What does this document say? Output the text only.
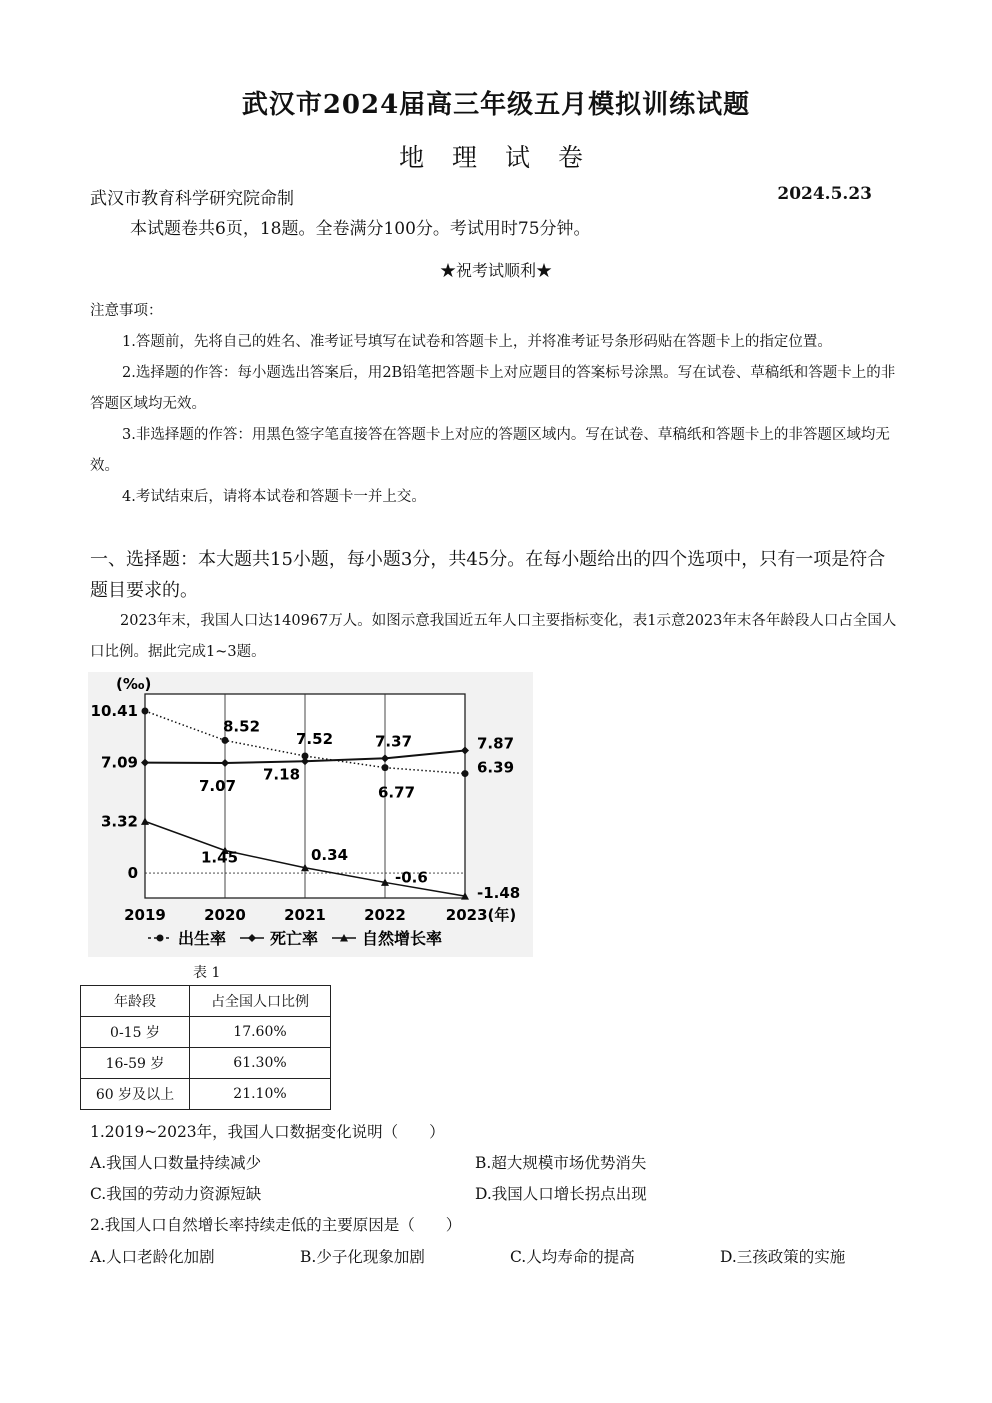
武汉市2024届高三年级五月模拟训练试题
地 理 试 卷
武汉市教育科学研究院命制	2024.5.23
本试题卷共6页，18题。全卷满分100分。考试用时75分钟。
★祝考试顺利★

注意事项：

1.答题前，先将自己的姓名、准考证号填写在试卷和答题卡上，并将准考证号条形码贴在答题卡上的指定位置。

2.选择题的作答：每小题选出答案后，用2B铅笔把答题卡上对应题目的答案标号涂黑。写在试卷、草稿纸和答题卡上的非答题区域均无效。

3.非选择题的作答：用黑色签字笔直接答在答题卡上对应的答题区域内。写在试卷、草稿纸和答题卡上的非答题区域均无效。

4.考试结束后，请将本试卷和答题卡一并上交。

一、选择题：本大题共15小题，每小题3分，共45分。在每小题给出的四个选项中，只有一项是符合题目要求的。
2023年末，我国人口达140967万人。如图示意我国近五年人口主要指标变化，表1示意2023年末各年龄段人口占全国人口比例。据此完成1~3题。
(‰)
10.41
7.09
3.32
0
2019	2020	2021	2022	2023(年)
8.52
7.52
6.77
6.39
7.07
7.18
7.37	7.87
1.45	0.34
-0.6
-1.48
出生率	死亡率	自然增长率
表 1
年龄段	占全国人口比例
0-15 岁	17.60%
16-59 岁	61.30%
60 岁及以上	21.10%
1.2019~2023年，我国人口数据变化说明（　　）
A.我国人口数量持续减少	B.超大规模市场优势消失
C.我国的劳动力资源短缺	D.我国人口增长拐点出现
2.我国人口自然增长率持续走低的主要原因是（　　）
A.人口老龄化加剧	B.少子化现象加剧	C.人均寿命的提高	D.三孩政策的实施
